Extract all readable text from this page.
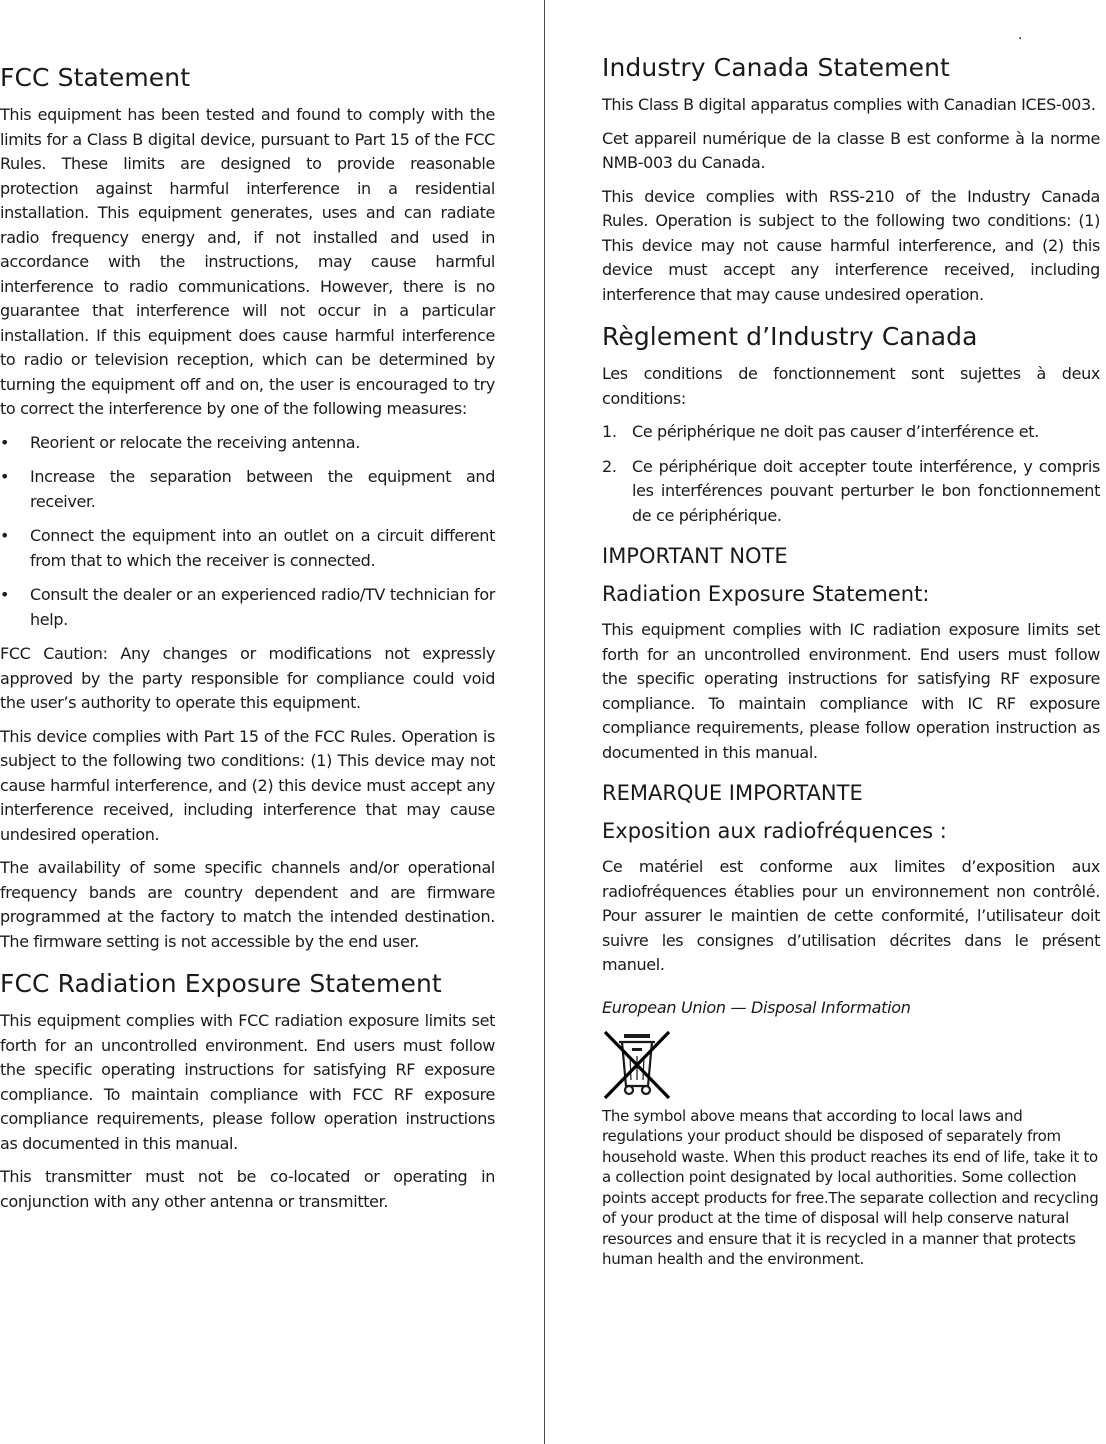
.
FCC Statement

This equipment has been tested and found to comply with the limits for a Class B digital device, pursuant to Part 15 of the FCC Rules. These limits are designed to provide reasonable protection against harmful interference in a residential installation. This equipment generates, uses and can radiate radio frequency energy and, if not installed and used in accordance with the instructions, may cause harmful interference to radio communications. However, there is no guarantee that interference will not occur in a particular installation. If this equipment does cause harmful interference to radio or television reception, which can be determined by turning the equipment off and on, the user is encouraged to try to correct the interference by one of the following measures:

• Reorient or relocate the receiving antenna.
• Increase the separation between the equipment and receiver.
• Connect the equipment into an outlet on a circuit different from that to which the receiver is connected.
• Consult the dealer or an experienced radio/TV technician for help.

FCC Caution: Any changes or modifications not expressly approved by the party responsible for compliance could void the user’s authority to operate this equipment.

This device complies with Part 15 of the FCC Rules. Operation is subject to the following two conditions: (1) This device may not cause harmful interference, and (2) this device must accept any interference received, including interference that may cause undesired operation.

The availability of some specific channels and/or operational frequency bands are country dependent and are firmware programmed at the factory to match the intended destination. The firmware setting is not accessible by the end user.

FCC Radiation Exposure Statement

This equipment complies with FCC radiation exposure limits set forth for an uncontrolled environment. End users must follow the specific operating instructions for satisfying RF exposure compliance. To maintain compliance with FCC RF exposure compliance requirements, please follow operation instructions as documented in this manual.

This transmitter must not be co-located or operating in conjunction with any other antenna or transmitter.

Industry Canada Statement

This Class B digital apparatus complies with Canadian ICES-003.

Cet appareil numérique de la classe B est conforme à la norme NMB-003 du Canada.

This device complies with RSS-210 of the Industry Canada Rules. Operation is subject to the following two conditions: (1) This device may not cause harmful interference, and (2) this device must accept any interference received, including interference that may cause undesired operation.

Règlement d’Industry Canada

Les conditions de fonctionnement sont sujettes à deux conditions:

1. Ce périphérique ne doit pas causer d’interférence et.
2. Ce périphérique doit accepter toute interférence, y compris les interférences pouvant perturber le bon fonctionnement de ce périphérique.
IMPORTANT NOTE
Radiation Exposure Statement:

This equipment complies with IC radiation exposure limits set forth for an uncontrolled environment. End users must follow the specific operating instructions for satisfying RF exposure compliance. To maintain compliance with IC RF exposure compliance requirements, please follow operation instruction as documented in this manual.

REMARQUE IMPORTANTE
Exposition aux radiofréquences :

Ce matériel est conforme aux limites d’exposition aux radiofréquences établies pour un environnement non contrôlé. Pour assurer le maintien de cette conformité, l’utilisateur doit suivre les consignes d’utilisation décrites dans le présent manuel.

European Union — Disposal Information

The symbol above means that according to local laws and regulations your product should be disposed of separately from household waste. When this product reaches its end of life, take it to a collection point designated by local authorities. Some collection points accept products for free.The separate collection and recycling of your product at the time of disposal will help conserve natural resources and ensure that it is recycled in a manner that protects human health and the environment.
